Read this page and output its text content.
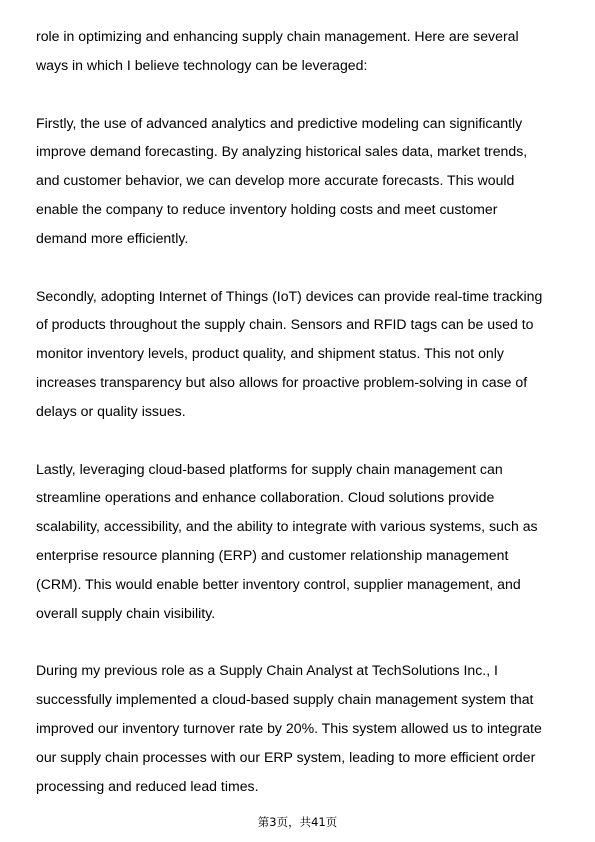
role in optimizing and enhancing supply chain management. Here are several
ways in which I believe technology can be leveraged:

Firstly, the use of advanced analytics and predictive modeling can significantly
improve demand forecasting. By analyzing historical sales data, market trends,
and customer behavior, we can develop more accurate forecasts. This would
enable the company to reduce inventory holding costs and meet customer
demand more efficiently.

Secondly, adopting Internet of Things (IoT) devices can provide real-time tracking
of products throughout the supply chain. Sensors and RFID tags can be used to
monitor inventory levels, product quality, and shipment status. This not only
increases transparency but also allows for proactive problem-solving in case of
delays or quality issues.

Lastly, leveraging cloud-based platforms for supply chain management can
streamline operations and enhance collaboration. Cloud solutions provide
scalability, accessibility, and the ability to integrate with various systems, such as
enterprise resource planning (ERP) and customer relationship management
(CRM). This would enable better inventory control, supplier management, and
overall supply chain visibility.

During my previous role as a Supply Chain Analyst at TechSolutions Inc., I
successfully implemented a cloud-based supply chain management system that
improved our inventory turnover rate by 20%. This system allowed us to integrate
our supply chain processes with our ERP system, leading to more efficient order
processing and reduced lead times.

第3页，共41页
